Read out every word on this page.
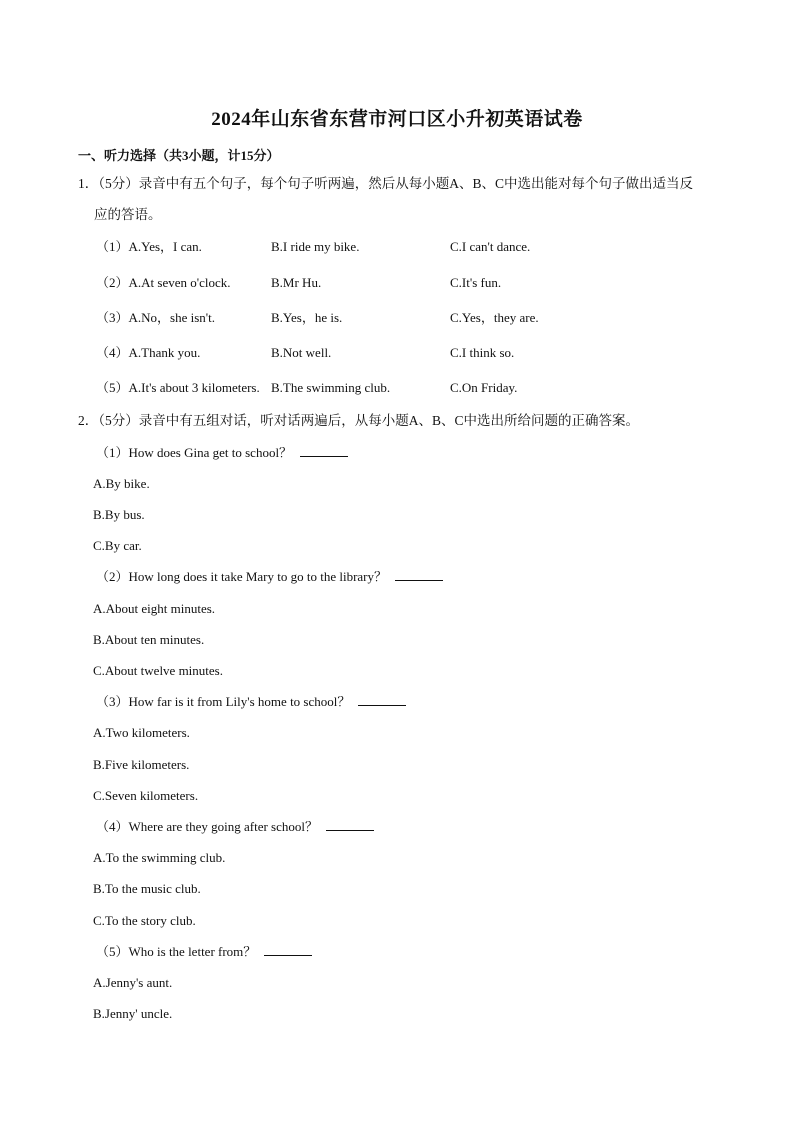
2024年山东省东营市河口区小升初英语试卷
一、听力选择（共3小题，计15分）
1．（5分）录音中有五个句子，每个句子听两遍，然后从每小题A、B、C中选出能对每个句子做出适当反
应的答语。
（1）A.Yes，I can.	B.I ride my bike.	C.I can't dance.
（2）A.At seven o'clock.	B.Mr Hu.	C.It's fun.
（3）A.No，she isn't.	B.Yes，he is.	C.Yes，they are.
（4）A.Thank you.	B.Not well.	C.I think so.
（5）A.It's about 3 kilometers. B.The swimming club.	C.On Friday.
2．（5分）录音中有五组对话，听对话两遍后，从每小题A、B、C中选出所给问题的正确答案。
（1）How does Gina get to school？
A.By bike.
B.By bus.
C.By car.
（2）How long does it take Mary to go to the library？
A.About eight minutes.
B.About ten minutes.
C.About twelve minutes.
（3）How far is it from Lily's home to school？
A.Two kilometers.
B.Five kilometers.
C.Seven kilometers.
（4）Where are they going after school？
A.To the swimming club.
B.To the music club.
C.To the story club.
（5）Who is the letter from？
A.Jenny's aunt.
B.Jenny' uncle.
